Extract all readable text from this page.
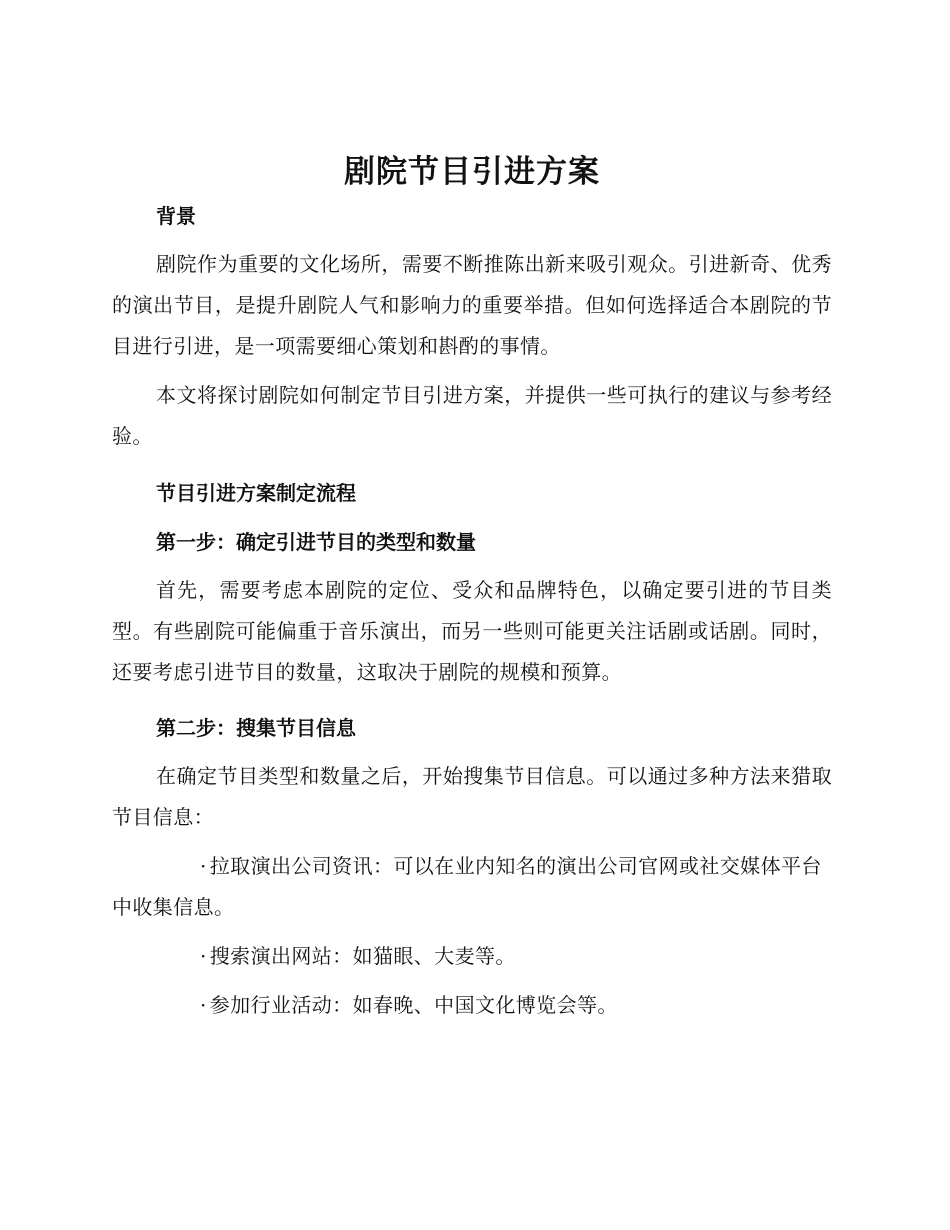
剧院节目引进方案
背景

剧院作为重要的文化场所，需要不断推陈出新来吸引观众。引进新奇、优秀的演出节目，是提升剧院人气和影响力的重要举措。但如何选择适合本剧院的节目进行引进，是一项需要细心策划和斟酌的事情。

本文将探讨剧院如何制定节目引进方案，并提供一些可执行的建议与参考经验。

节目引进方案制定流程
第一步：确定引进节目的类型和数量

首先，需要考虑本剧院的定位、受众和品牌特色，以确定要引进的节目类型。有些剧院可能偏重于音乐演出，而另一些则可能更关注话剧或话剧。同时，还要考虑引进节目的数量，这取决于剧院的规模和预算。

第二步：搜集节目信息

在确定节目类型和数量之后，开始搜集节目信息。可以通过多种方法来猎取节目信息：

· 拉取演出公司资讯：可以在业内知名的演出公司官网或社交媒体平台中收集信息。

· 搜索演出网站：如猫眼、大麦等。

· 参加行业活动：如春晚、中国文化博览会等。
